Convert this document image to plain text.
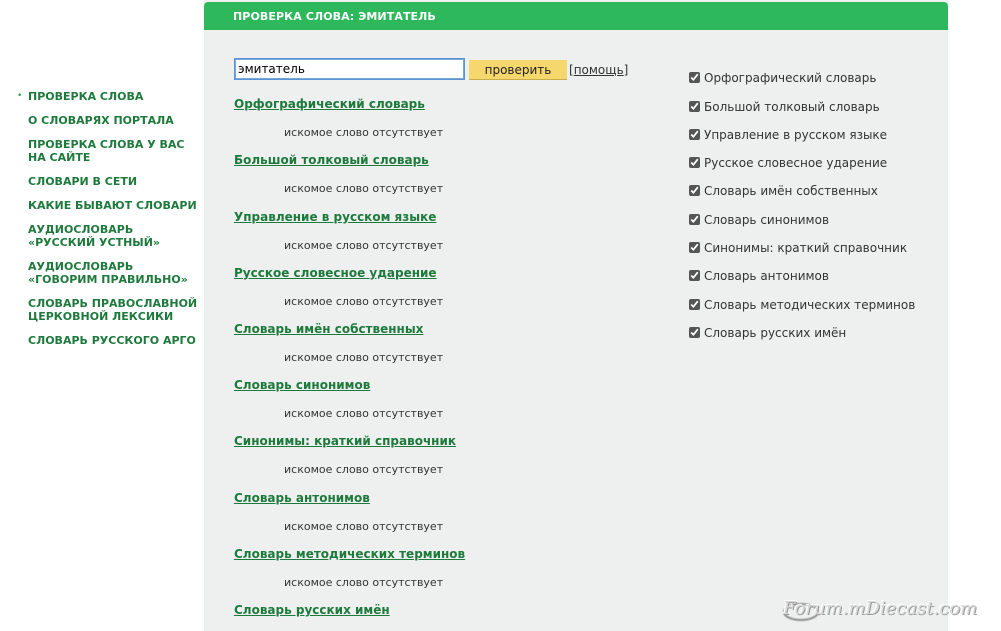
• ПРОВЕРКА СЛОВА
О СЛОВАРЯХ ПОРТАЛА
ПРОВЕРКА СЛОВА У ВАС НА САЙТЕ
СЛОВАРИ В СЕТИ
КАКИЕ БЫВАЮТ СЛОВАРИ
АУДИОСЛОВАРЬ «РУССКИЙ УСТНЫЙ»
АУДИОСЛОВАРЬ «ГОВОРИМ ПРАВИЛЬНО»
СЛОВАРЬ ПРАВОСЛАВНОЙ ЦЕРКОВНОЙ ЛЕКСИКИ
СЛОВАРЬ РУССКОГО АРГО
ПРОВЕРКА СЛОВА: ЭМИТАТЕЛЬ
эмитатель
проверить	[помощь]
Орфографический словарь
искомое слово отсутствует
Большой толковый словарь
искомое слово отсутствует
Управление в русском языке
искомое слово отсутствует
Русское словесное ударение
искомое слово отсутствует
Словарь имён собственных
искомое слово отсутствует
Словарь синонимов
искомое слово отсутствует
Синонимы: краткий справочник
искомое слово отсутствует
Словарь антонимов
искомое слово отсутствует
Словарь методических терминов
искомое слово отсутствует
Словарь русских имён
Орфографический словарь
Большой толковый словарь
Управление в русском языке
Русское словесное ударение
Словарь имён собственных
Словарь синонимов
Синонимы: краткий справочник
Словарь антонимов
Словарь методических терминов
Словарь русских имён
Forum.mDiecast.com
